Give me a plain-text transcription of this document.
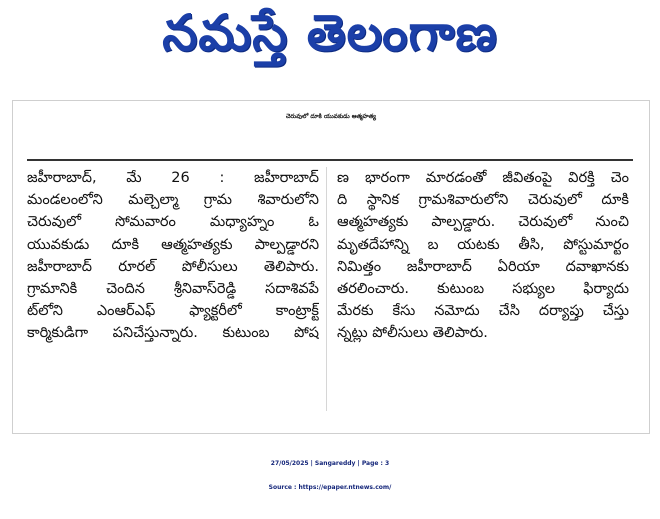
నమస్తే తెలంగాణ
చెరువులో దూకి యువకుడు ఆత్మహత్య
జహీరాబాద్, మే 26 : జహీరాబాద్
మండలంలోని మల్చెల్మా గ్రామ శివారులోని
చెరువులో సోమవారం మధ్యాహ్నం ఓ
యువకుడు దూకి ఆత్మహత్యకు పాల్పడ్డారని
జహీరాబాద్ రూరల్ పోలీసులు తెలిపారు.
గ్రామానికి చెందిన శ్రీనివాస్‌రెడ్డి సదాశివపే
ట్‌లోని ఎంఆర్ఎఫ్ ఫ్యాక్టరీలో కాంట్రాక్ట్
కార్మికుడిగా పనిచేస్తున్నారు. కుటుంబ పోష
ణ భారంగా మారడంతో జీవితంపై విరక్తి చెం
ది స్థానిక గ్రామశివారులోని చెరువులో దూకి
ఆత్మహత్యకు పాల్పడ్డారు. చెరువులో నుంచి
మృతదేహాన్ని బ యటకు తీసి, పోస్టుమార్టం
నిమిత్తం జహీరాబాద్ ఏరియా దవాఖానకు
తరలించారు. కుటుంబ సభ్యుల ఫిర్యాదు
మేరకు కేసు నమోదు చేసి దర్యాప్తు చేస్తు
న్నట్లు పోలీసులు తెలిపారు.
27/05/2025 | Sangareddy | Page : 3
Source : https://epaper.ntnews.com/
